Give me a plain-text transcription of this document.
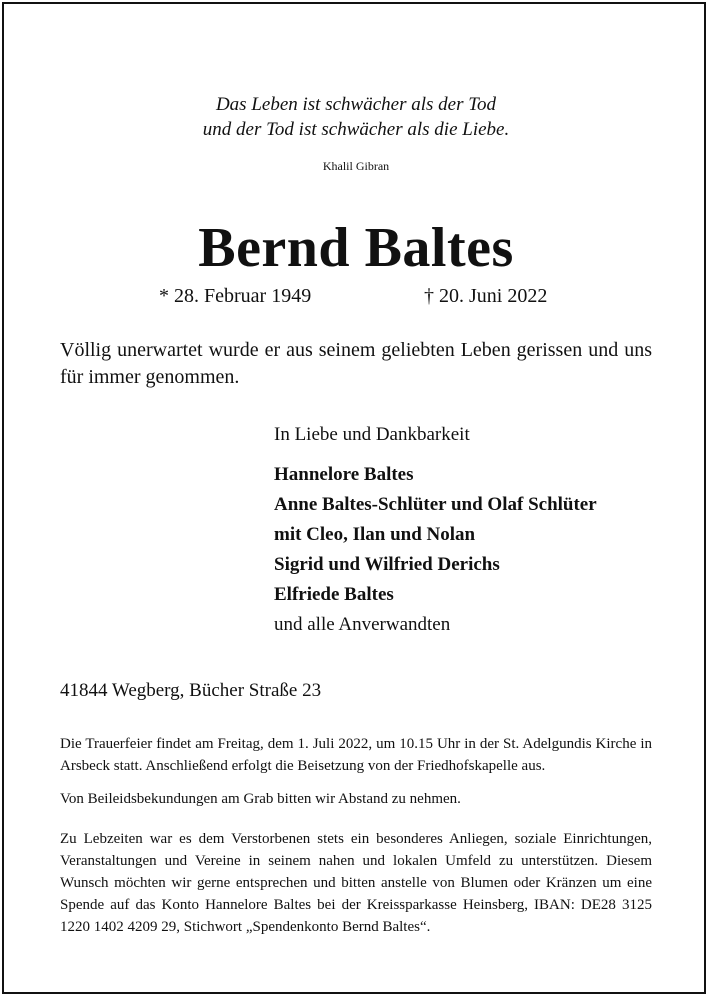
Das Leben ist schwächer als der Tod
und der Tod ist schwächer als die Liebe.
Khalil Gibran
Bernd Baltes
* 28. Februar 1949	† 20. Juni 2022
Völlig unerwartet wurde er aus seinem geliebten Leben gerissen und uns für immer genommen.
In Liebe und Dankbarkeit
Hannelore Baltes
Anne Baltes-Schlüter und Olaf Schlüter
mit Cleo, Ilan und Nolan
Sigrid und Wilfried Derichs
Elfriede Baltes
und alle Anverwandten
41844 Wegberg, Bücher Straße 23
Die Trauerfeier findet am Freitag, dem 1. Juli 2022, um 10.15 Uhr in der St. Adelgundis Kirche in Arsbeck statt. Anschließend erfolgt die Beisetzung von der Friedhofskapelle aus.
Von Beileidsbekundungen am Grab bitten wir Abstand zu nehmen.
Zu Lebzeiten war es dem Verstorbenen stets ein besonderes Anliegen, soziale Einrichtungen, Veranstaltungen und Vereine in seinem nahen und lokalen Umfeld zu unterstützen. Diesem Wunsch möchten wir gerne entsprechen und bitten anstelle von Blumen oder Kränzen um eine Spende auf das Konto Hannelore Baltes bei der Kreissparkasse Heinsberg, IBAN: DE28 3125 1220 1402 4209 29, Stichwort „Spendenkonto Bernd Baltes“.
